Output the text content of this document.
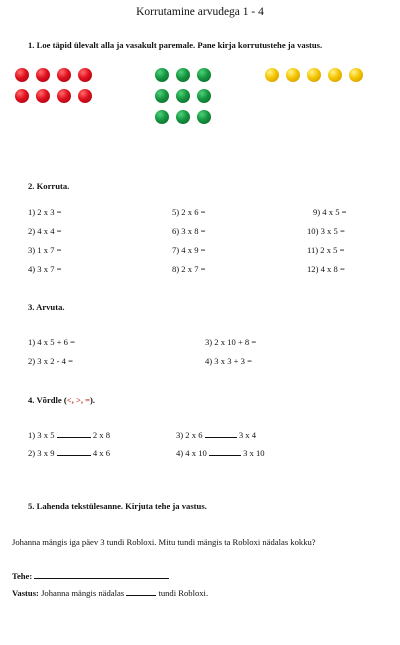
Korrutamine arvudega 1 - 4
1. Loe täpid ülevalt alla ja vasakult paremale. Pane kirja korrutustehe ja vastus.
2. Korruta.
1) 2 x 3 =
2) 4 x 4 =
3) 1 x 7 =
4) 3 x 7 =
5) 2 x 6 =
6) 3 x 8 =
7) 4 x 9 =
8) 2 x 7 =
9) 4 x 5 =
10) 3 x 5 =
11) 2 x 5 =
12) 4 x 8 =
3. Arvuta.
1) 4 x 5 + 6 =
2) 3 x 2 - 4 =
3) 2 x 10 + 8 =
4) 3 x 3 + 3 =
4. Võrdle (<, >, =).
1) 3 x 5	2 x 8
2) 3 x 9	4 x 6
3) 2 x 6	3 x 4
4) 4 x 10	3 x 10
5. Lahenda tekstülesanne. Kirjuta tehe ja vastus.
Johanna mängis iga päev 3 tundi Robloxi. Mitu tundi mängis ta Robloxi nädalas kokku?
Tehe:
Vastus: Johanna mängis nädalas	tundi Robloxi.
